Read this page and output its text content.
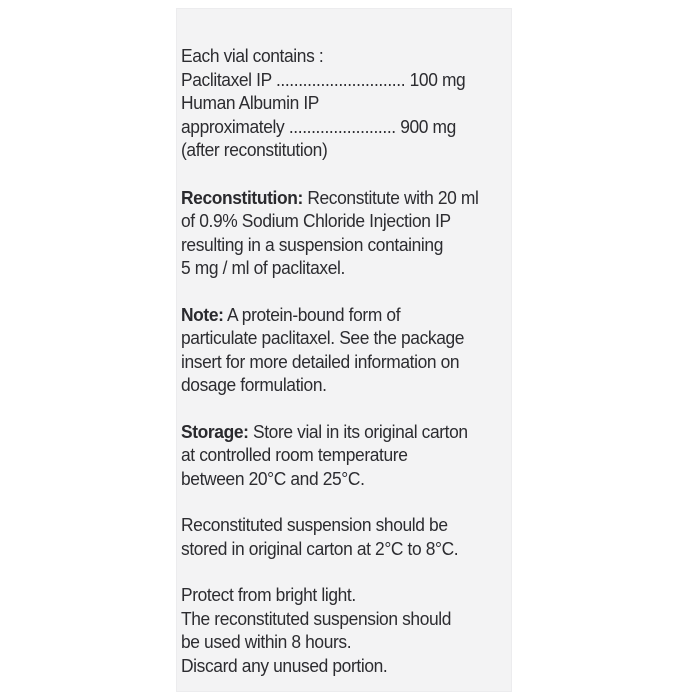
Each vial contains :
Paclitaxel IP ............................. 100 mg
Human Albumin IP
approximately ........................ 900 mg
(after reconstitution)
Reconstitution: Reconstitute with 20 ml
of 0.9% Sodium Chloride Injection IP
resulting in a suspension containing
5 mg / ml of paclitaxel.
Note: A protein-bound form of
particulate paclitaxel. See the package
insert for more detailed information on
dosage formulation.
Storage: Store vial in its original carton
at controlled room temperature
between 20°C and 25°C.
Reconstituted suspension should be
stored in original carton at 2°C to 8°C.
Protect from bright light.
The reconstituted suspension should
be used within 8 hours.
Discard any unused portion.
